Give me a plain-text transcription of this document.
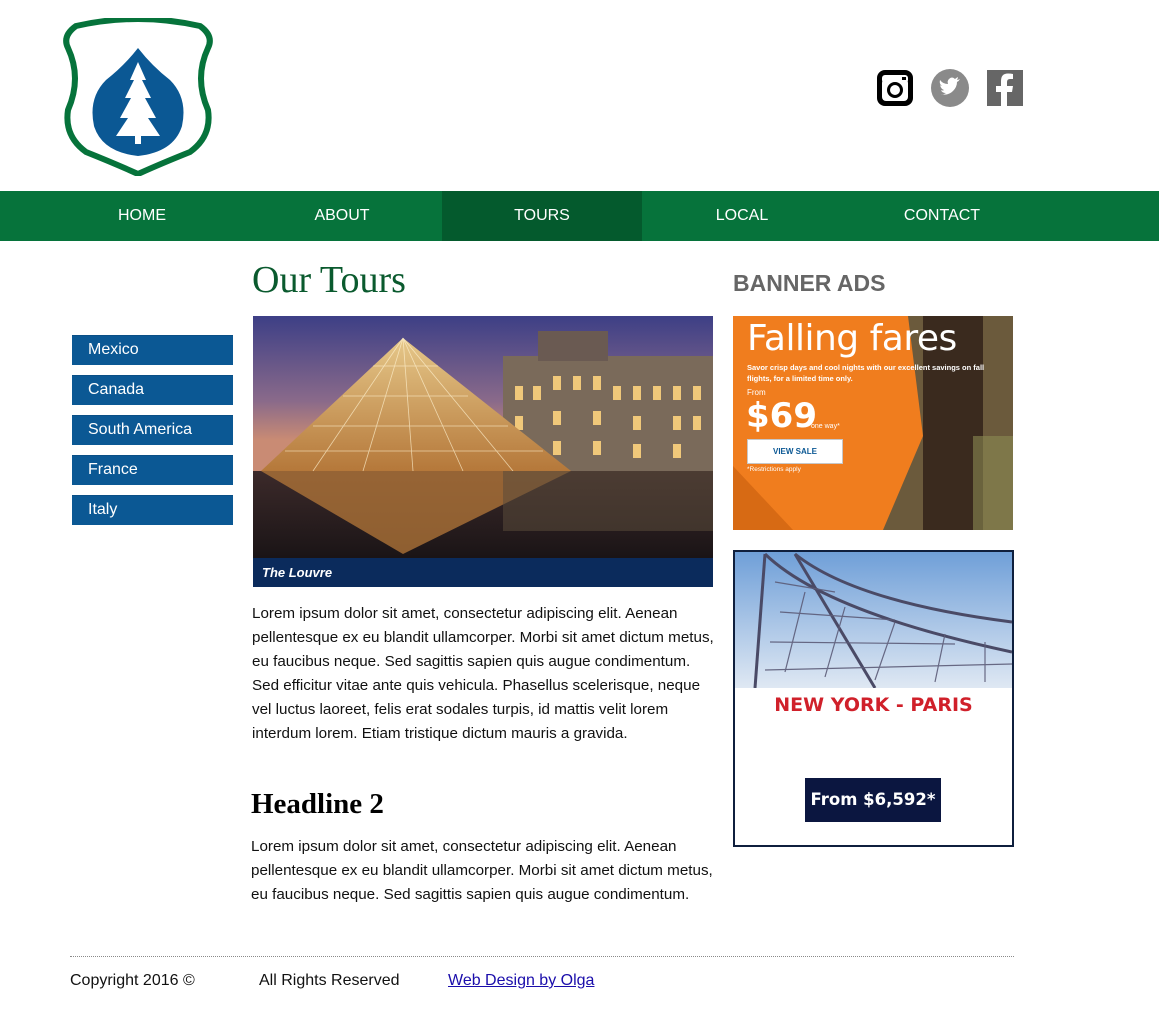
HOME	ABOUT	TOURS	LOCAL	CONTACT
Mexico
Canada
South America
France
Italy
Our Tours
The Louvre

Lorem ipsum dolor sit amet, consectetur adipiscing elit. Aenean pellentesque ex eu blandit ullamcorper. Morbi sit amet dictum metus, eu faucibus neque. Sed sagittis sapien quis augue condimentum. Sed efficitur vitae ante quis vehicula. Phasellus scelerisque, neque vel luctus laoreet, felis erat sodales turpis, id mattis velit lorem interdum lorem. Etiam tristique dictum mauris a gravida.

Headline 2

Lorem ipsum dolor sit amet, consectetur adipiscing elit. Aenean pellentesque ex eu blandit ullamcorper. Morbi sit amet dictum metus, eu faucibus neque. Sed sagittis sapien quis augue condimentum.

BANNER ADS
Falling fares
Savor crisp days and cool nights with our excellent savings on fall
flights, for a limited time only.
From
$69
one way*
VIEW SALE
*Restrictions apply
NEW YORK - PARIS
From $6,592*
Copyright 2016 ©	All Rights Reserved	Web Design by Olga
